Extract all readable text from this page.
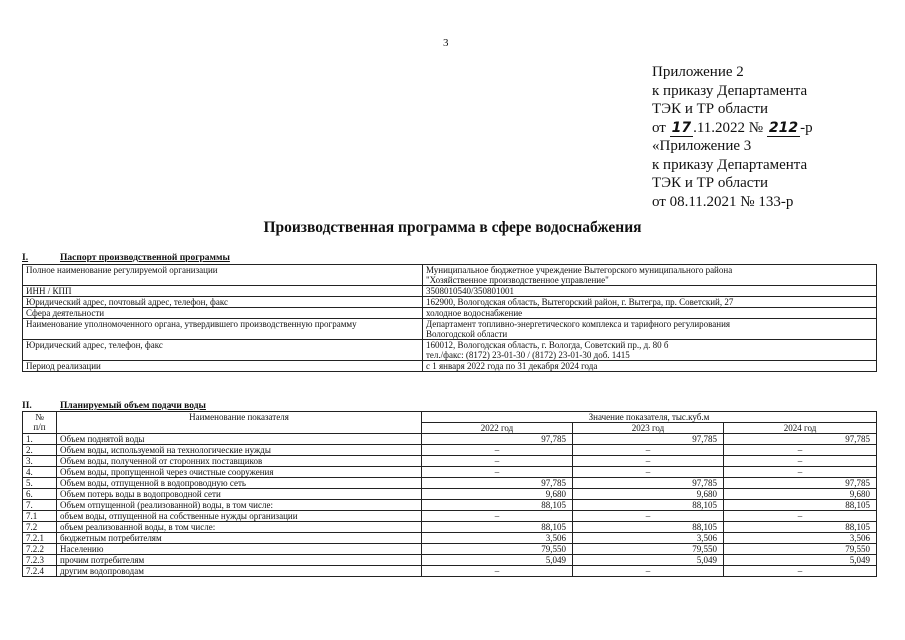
3
Приложение 2
к приказу Департамента
ТЭК и ТР области
от 17 .11.2022 № 212 -р
«Приложение 3
к приказу Департамента
ТЭК и ТР области
от 08.11.2021 № 133-р
Производственная программа в сфере водоснабжения
I.	Паспорт производственной программы
Полное наименование регулируемой организации	Муниципальное бюджетное учреждение Вытегорского муниципального района
"Хозяйственное производственное управление"

ИНН / КПП	3508010540/350801001

Юридический адрес, почтовый адрес, телефон, факс	162900, Вологодская область, Вытегорский район, г. Вытегра, пр. Советский, 27

Сфера деятельности	холодное водоснабжение

Наименование уполномоченного органа, утвердившего производственную программу	Департамент топливно-энергетического комплекса и тарифного регулирования
Вологодской области

Юридический адрес, телефон, факс	160012, Вологодская область, г. Вологда, Советский пр., д. 80 б
тел./факс: (8172) 23-01-30 / (8172) 23-01-30 доб. 1415

Период реализации	с 1 января 2022 года по 31 декабря 2024 года
II.	Планируемый объем подачи воды
№
п/п	Наименование показателя	Значение показателя, тыс.куб.м		
		2022 год	2023 год	2024 год
1.	Объем поднятой воды	97,785	97,785	97,785
2.	Объем воды, используемой на технологические нужды	–	–	–
3.	Объем воды, полученной от сторонних поставщиков	–	–	–
4.	Объем воды, пропущенной через очистные сооружения	–	–	–
5.	Объем воды, отпущенной в водопроводную сеть	97,785	97,785	97,785
6.	Объем потерь воды в водопроводной сети	9,680	9,680	9,680
7.	Объем отпущенной (реализованной) воды, в том числе:	88,105	88,105	88,105
7.1	объем воды, отпущенной на собственные нужды организации	–	–	–
7.2	объем реализованной воды, в том числе:	88,105	88,105	88,105
7.2.1	бюджетным потребителям	3,506	3,506	3,506
7.2.2	Населению	79,550	79,550	79,550
7.2.3	прочим потребителям	5,049	5,049	5,049
7.2.4	другим водопроводам	–	–	–
